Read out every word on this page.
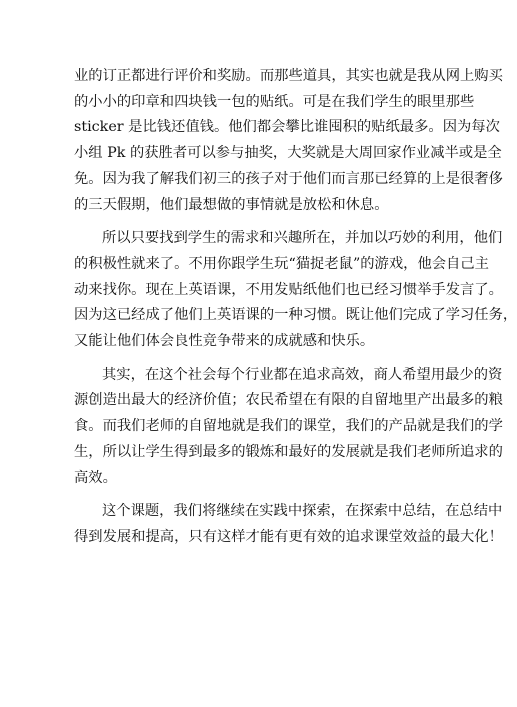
业的订正都进行评价和奖励。而那些道具，其实也就是我从网上购买
的小小的印章和四块钱一包的贴纸。可是在我们学生的眼里那些
sticker 是比钱还值钱。他们都会攀比谁囤积的贴纸最多。因为每次
小组 Pk 的获胜者可以参与抽奖，大奖就是大周回家作业减半或是全
免。因为我了解我们初三的孩子对于他们而言那已经算的上是很奢侈
的三天假期，他们最想做的事情就是放松和休息。

所以只要找到学生的需求和兴趣所在，并加以巧妙的利用，他们
的积极性就来了。不用你跟学生玩“猫捉老鼠”的游戏，他会自己主
动来找你。现在上英语课，不用发贴纸他们也已经习惯举手发言了。
因为这已经成了他们上英语课的一种习惯。既让他们完成了学习任务，
又能让他们体会良性竞争带来的成就感和快乐。

其实，在这个社会每个行业都在追求高效，商人希望用最少的资
源创造出最大的经济价值；农民希望在有限的自留地里产出最多的粮
食。而我们老师的自留地就是我们的课堂，我们的产品就是我们的学
生，所以让学生得到最多的锻炼和最好的发展就是我们老师所追求的
高效。

这个课题，我们将继续在实践中探索，在探索中总结，在总结中
得到发展和提高，只有这样才能有更有效的追求课堂效益的最大化！
